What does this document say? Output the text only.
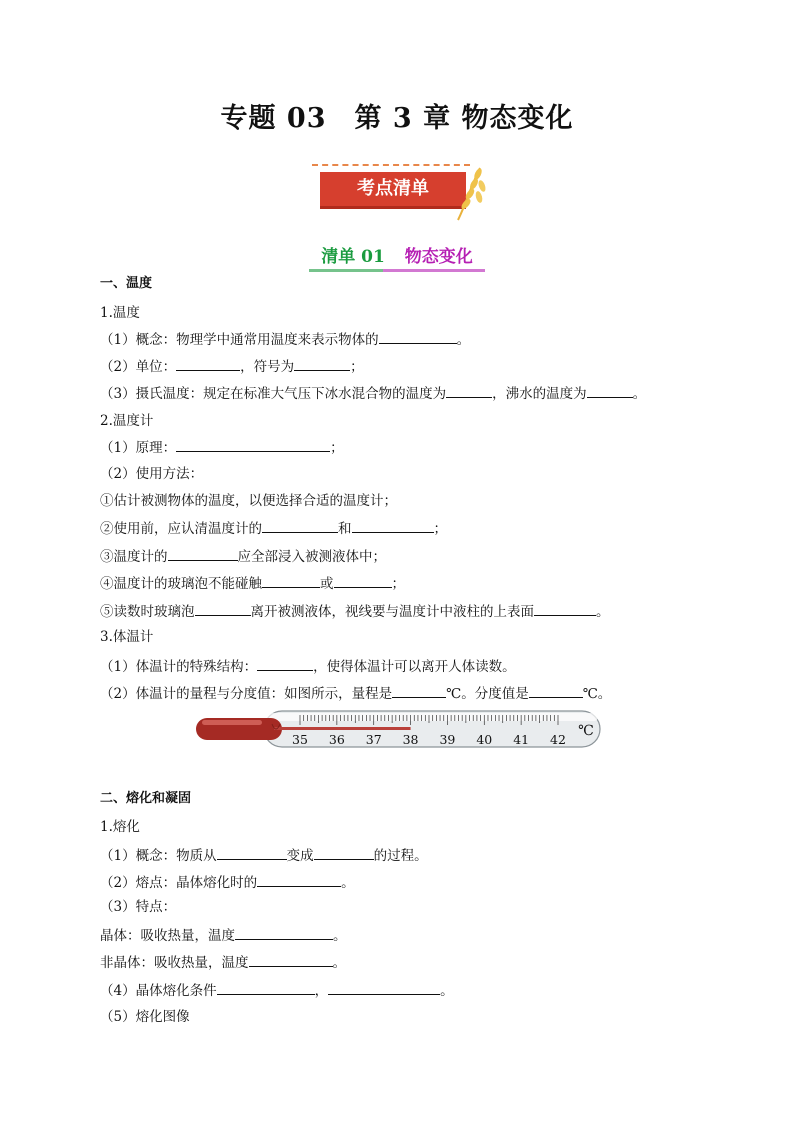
专题 03　第 3 章 物态变化
考点清单
清单 01 物态变化
一、温度
1.温度
（1）概念：物理学中通常用温度来表示物体的	。
（2）单位：	，符号为	；
（3）摄氏温度：规定在标准大气压下冰水混合物的温度为	，沸水的温度为	。
2.温度计
（1）原理：	；
（2）使用方法：
①估计被测物体的温度，以便选择合适的温度计；
②使用前，应认清温度计的	和	；
③温度计的	应全部浸入被测液体中；
④温度计的玻璃泡不能碰触	或	；
⑤读数时玻璃泡	离开被测液体，视线要与温度计中液柱的上表面	。
3.体温计
（1）体温计的特殊结构：	，使得体温计可以离开人体读数。
（2）体温计的量程与分度值：如图所示，量程是	℃。分度值是	℃。
二、熔化和凝固
1.熔化
（1）概念：物质从	变成	的过程。
（2）熔点：晶体熔化时的	。
（3）特点：
晶体：吸收热量，温度	。
非晶体：吸收热量，温度	。
（4）晶体熔化条件	，	。
（5）熔化图像
35 36 37 38 39 40 41 42
℃
